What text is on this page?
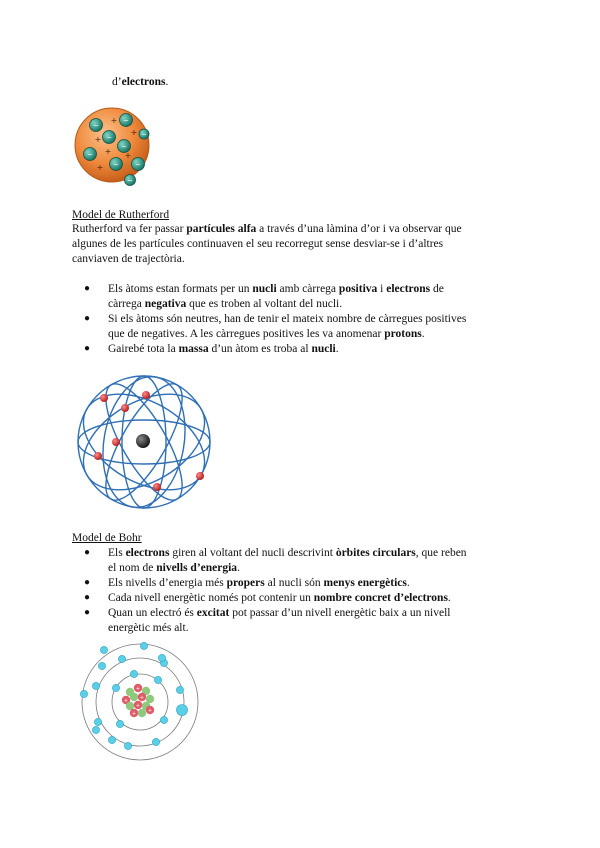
d’electrons.
−
−
−
−
−
−
−
−
−
+
+
+
+
+
+
Model de Rutherford
Rutherford va fer passar partícules alfa a través d’una làmina d’or i va observar que
algunes de les partícules continuaven el seu recorregut sense desviar-se i d’altres
canviaven de trajectòria.
● Els àtoms estan formats per un nucli amb càrrega positiva i electrons de
càrrega negativa que es troben al voltant del nucli.
● Si els àtoms són neutres, han de tenir el mateix nombre de càrregues positives
que de negatives. A les càrregues positives les va anomenar protons.
● Gairebé tota la massa d’un àtom es troba al nucli.
Model de Bohr
● Els electrons giren al voltant del nucli descrivint òrbites circulars, que reben
el nom de nivells d’energia.
● Els nivells d’energia més propers al nucli són menys energètics.
● Cada nivell energètic només pot contenir un nombre concret d’electrons.
● Quan un electró és excitat pot passar d’un nivell energètic baix a un nivell
energètic més alt.
+
+ +
+
+ +
